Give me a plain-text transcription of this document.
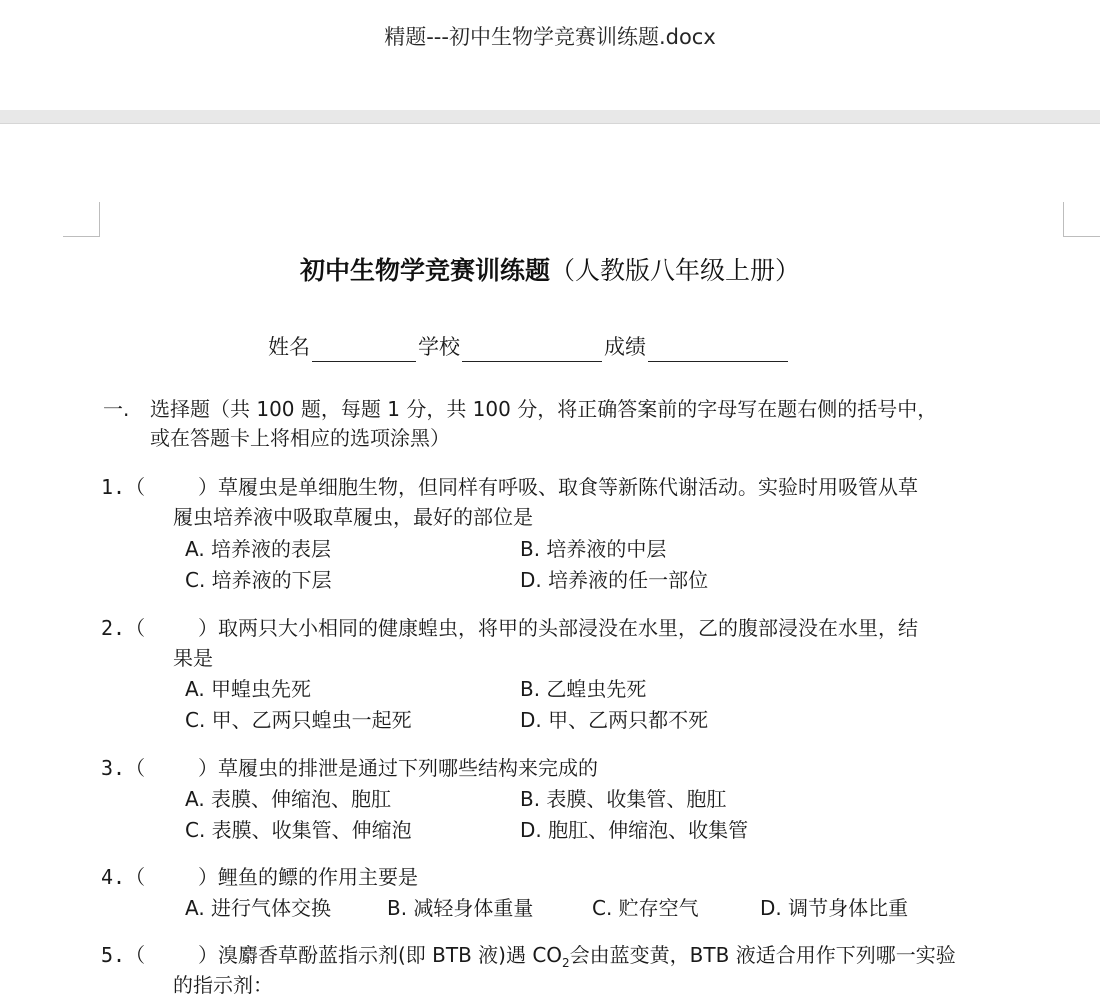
精题---初中生物学竞赛训练题.docx
初中生物学竞赛训练题（人教版八年级上册）
姓名	学校	成绩
一. 选择题（共 100 题，每题 1 分，共 100 分，将正确答案前的字母写在题右侧的括号中，
或在答题卡上将相应的选项涂黑）
1.（	）草履虫是单细胞生物，但同样有呼吸、取食等新陈代谢活动。实验时用吸管从草
履虫培养液中吸取草履虫，最好的部位是
A. 培养液的表层	B. 培养液的中层
C. 培养液的下层	D. 培养液的任一部位
2.（	）取两只大小相同的健康蝗虫，将甲的头部浸没在水里，乙的腹部浸没在水里，结
果是
A. 甲蝗虫先死	B. 乙蝗虫先死
C. 甲、乙两只蝗虫一起死	D. 甲、乙两只都不死
3.（	）草履虫的排泄是通过下列哪些结构来完成的
A. 表膜、伸缩泡、胞肛	B. 表膜、收集管、胞肛
C. 表膜、收集管、伸缩泡	D. 胞肛、伸缩泡、收集管
4.（	）鲤鱼的鳔的作用主要是
A. 进行气体交换	B. 减轻身体重量	C. 贮存空气	D. 调节身体比重
5.（	）溴麝香草酚蓝指示剂(即 BTB 液)遇 $CO_2$会由蓝变黄，BTB 液适合用作下列哪一实验
的指示剂：
